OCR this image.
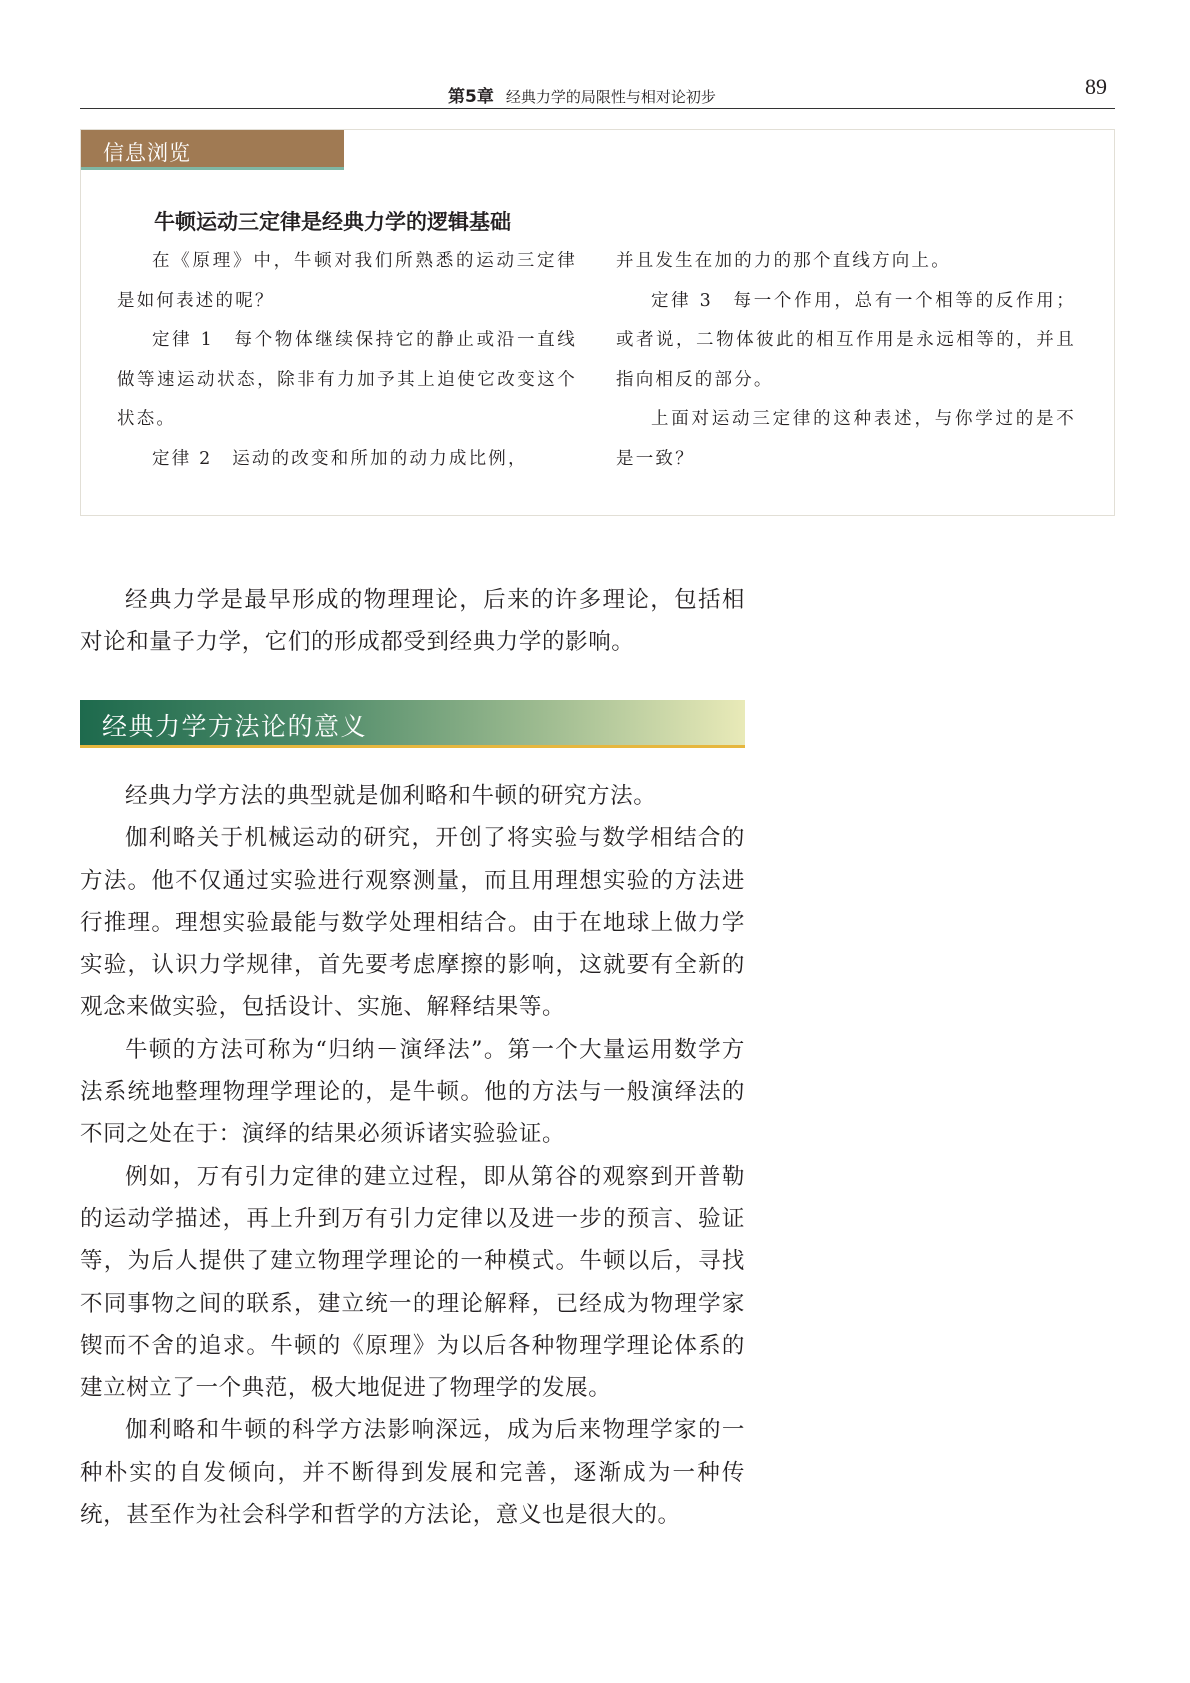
第5章 经典力学的局限性与相对论初步	89
信息浏览
牛顿运动三定律是经典力学的逻辑基础

在《原理》中，牛顿对我们所熟悉的运动三定律是如何表述的呢？

定律 1　每个物体继续保持它的静止或沿一直线做等速运动状态，除非有力加予其上迫使它改变这个状态。

定律 2　运动的改变和所加的动力成比例，

并且发生在加的力的那个直线方向上。

定律 3　每一个作用，总有一个相等的反作用；或者说，二物体彼此的相互作用是永远相等的，并且指向相反的部分。

上面对运动三定律的这种表述，与你学过的是不是一致？

经典力学是最早形成的物理理论，后来的许多理论，包括相对论和量子力学，它们的形成都受到经典力学的影响。

经典力学方法论的意义

经典力学方法的典型就是伽利略和牛顿的研究方法。

伽利略关于机械运动的研究，开创了将实验与数学相结合的方法。他不仅通过实验进行观察测量，而且用理想实验的方法进行推理。理想实验最能与数学处理相结合。由于在地球上做力学实验，认识力学规律，首先要考虑摩擦的影响，这就要有全新的观念来做实验，包括设计、实施、解释结果等。

牛顿的方法可称为“归纳－演绎法”。第一个大量运用数学方法系统地整理物理学理论的，是牛顿。他的方法与一般演绎法的不同之处在于：演绎的结果必须诉诸实验验证。

例如，万有引力定律的建立过程，即从第谷的观察到开普勒的运动学描述，再上升到万有引力定律以及进一步的预言、验证等，为后人提供了建立物理学理论的一种模式。牛顿以后，寻找不同事物之间的联系，建立统一的理论解释，已经成为物理学家锲而不舍的追求。牛顿的《原理》为以后各种物理学理论体系的建立树立了一个典范，极大地促进了物理学的发展。

伽利略和牛顿的科学方法影响深远，成为后来物理学家的一种朴实的自发倾向，并不断得到发展和完善，逐渐成为一种传统，甚至作为社会科学和哲学的方法论，意义也是很大的。
